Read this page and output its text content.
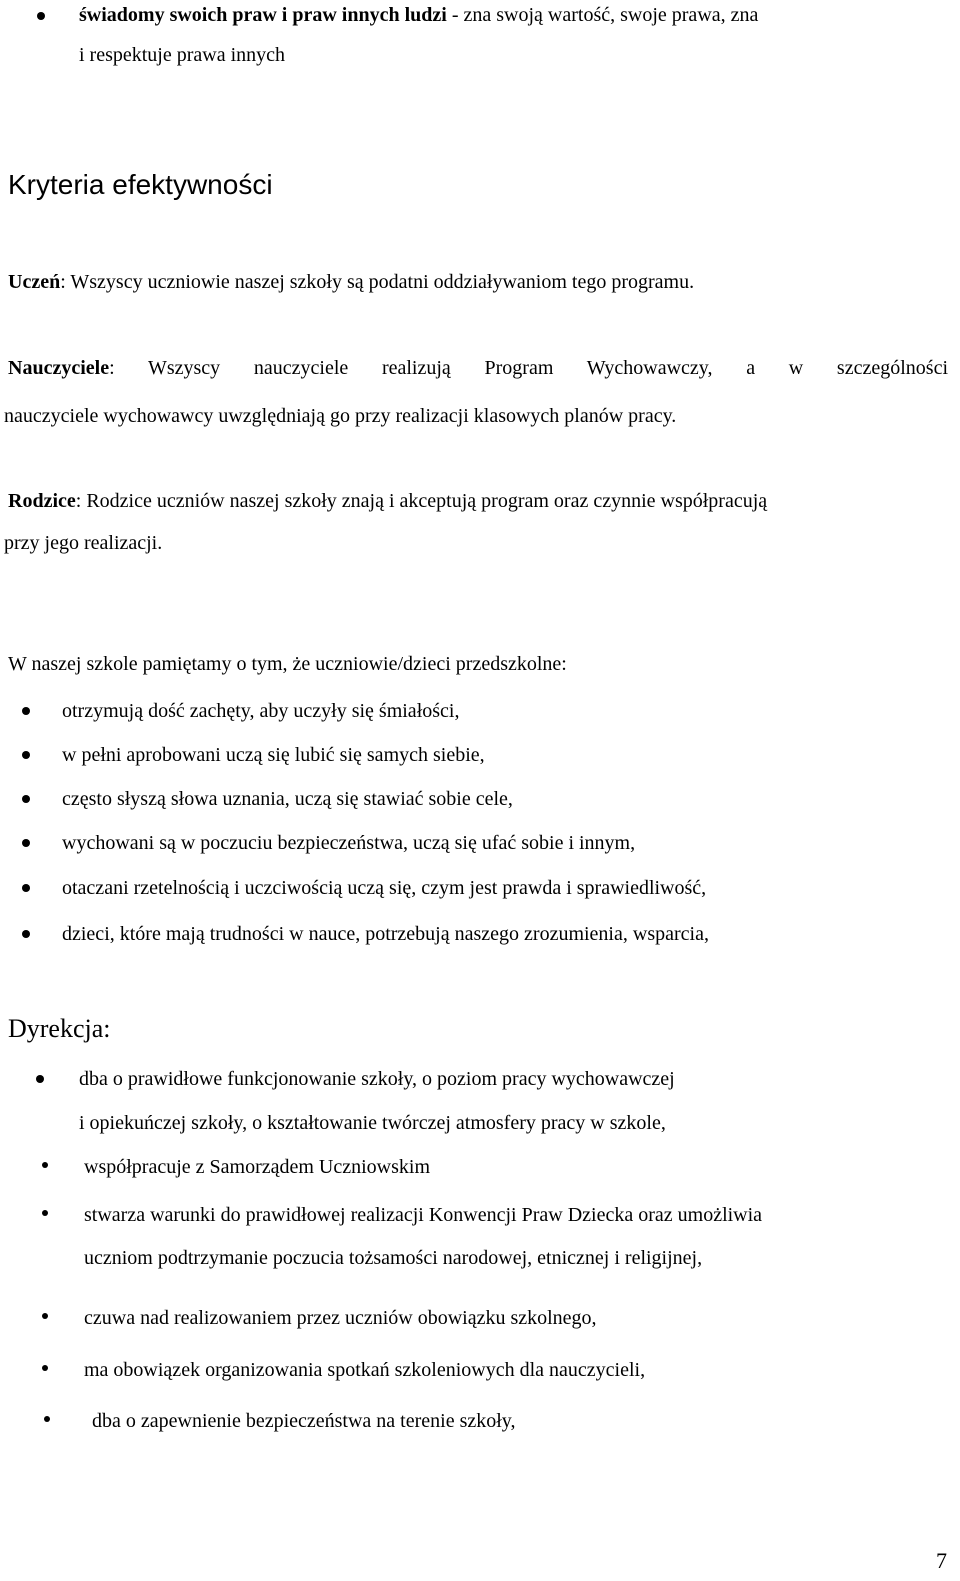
świadomy swoich praw i praw innych ludzi - zna swoją wartość, swoje prawa, zna
i respektuje prawa innych
Kryteria efektywności
Uczeń: Wszyscy uczniowie naszej szkoły są podatni oddziaływaniom tego programu.
Nauczyciele: Wszyscy nauczyciele realizują Program Wychowawczy, a w szczególności
nauczyciele wychowawcy uwzględniają go przy realizacji klasowych planów pracy.
Rodzice: Rodzice uczniów naszej szkoły znają i akceptują program oraz czynnie współpracują
przy jego realizacji.
W naszej szkole pamiętamy o tym, że uczniowie/dzieci przedszkolne:
otrzymują dość zachęty, aby uczyły się śmiałości,
w pełni aprobowani uczą się lubić się samych siebie,
często słyszą słowa uznania, uczą się stawiać sobie cele,
wychowani są w poczuciu bezpieczeństwa, uczą się ufać sobie i innym,
otaczani rzetelnością i uczciwością uczą się, czym jest prawda i sprawiedliwość,
dzieci, które mają trudności w nauce, potrzebują naszego zrozumienia, wsparcia,
Dyrekcja:
dba o prawidłowe funkcjonowanie szkoły, o poziom pracy wychowawczej
i opiekuńczej szkoły, o kształtowanie twórczej atmosfery pracy w szkole,
współpracuje z Samorządem Uczniowskim
stwarza warunki do prawidłowej realizacji Konwencji Praw Dziecka oraz umożliwia
uczniom podtrzymanie poczucia tożsamości narodowej, etnicznej i religijnej,
czuwa nad realizowaniem przez uczniów obowiązku szkolnego,
ma obowiązek organizowania spotkań szkoleniowych dla nauczycieli,
dba o zapewnienie bezpieczeństwa na terenie szkoły,
7
